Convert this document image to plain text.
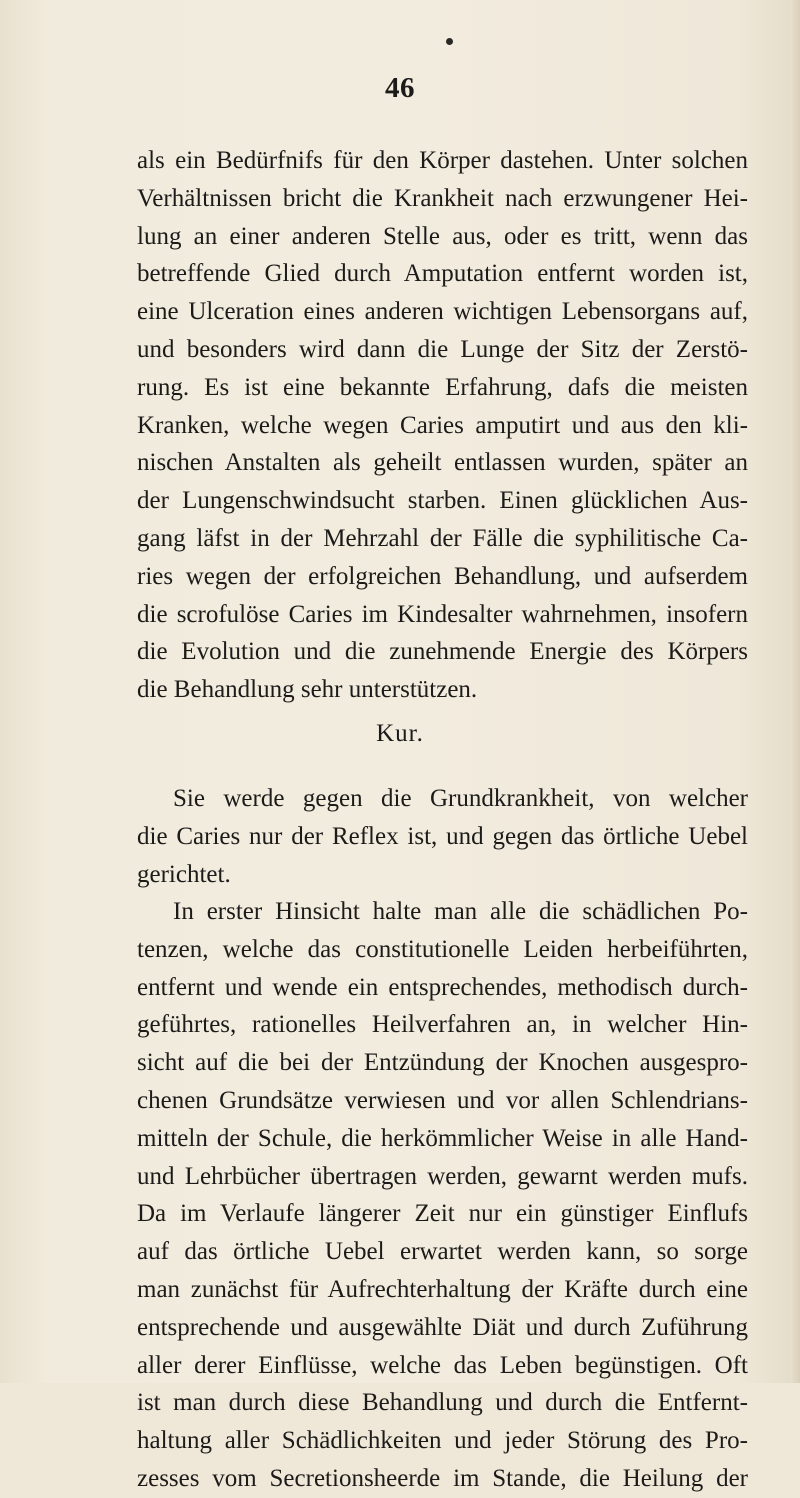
46
als ein Bedürfnifs für den Körper dastehen. Unter solchen
Verhältnissen bricht die Krankheit nach erzwungener Hei-
lung an einer anderen Stelle aus, oder es tritt, wenn das
betreffende Glied durch Amputation entfernt worden ist,
eine Ulceration eines anderen wichtigen Lebensorgans auf,
und besonders wird dann die Lunge der Sitz der Zerstö-
rung. Es ist eine bekannte Erfahrung, dafs die meisten
Kranken, welche wegen Caries amputirt und aus den kli-
nischen Anstalten als geheilt entlassen wurden, später an
der Lungenschwindsucht starben. Einen glücklichen Aus-
gang läfst in der Mehrzahl der Fälle die syphilitische Ca-
ries wegen der erfolgreichen Behandlung, und aufserdem
die scrofulöse Caries im Kindesalter wahrnehmen, insofern
die Evolution und die zunehmende Energie des Körpers
die Behandlung sehr unterstützen.
Kur.
Sie werde gegen die Grundkrankheit, von welcher
die Caries nur der Reflex ist, und gegen das örtliche Uebel
gerichtet.
In erster Hinsicht halte man alle die schädlichen Po-
tenzen, welche das constitutionelle Leiden herbeiführten,
entfernt und wende ein entsprechendes, methodisch durch-
geführtes, rationelles Heilverfahren an, in welcher Hin-
sicht auf die bei der Entzündung der Knochen ausgespro-
chenen Grundsätze verwiesen und vor allen Schlendrians-
mitteln der Schule, die herkömmlicher Weise in alle Hand-
und Lehrbücher übertragen werden, gewarnt werden mufs.
Da im Verlaufe längerer Zeit nur ein günstiger Einflufs
auf das örtliche Uebel erwartet werden kann, so sorge
man zunächst für Aufrechterhaltung der Kräfte durch eine
entsprechende und ausgewählte Diät und durch Zuführung
aller derer Einflüsse, welche das Leben begünstigen. Oft
ist man durch diese Behandlung und durch die Entfernt-
haltung aller Schädlichkeiten und jeder Störung des Pro-
zesses vom Secretionsheerde im Stande, die Heilung der
